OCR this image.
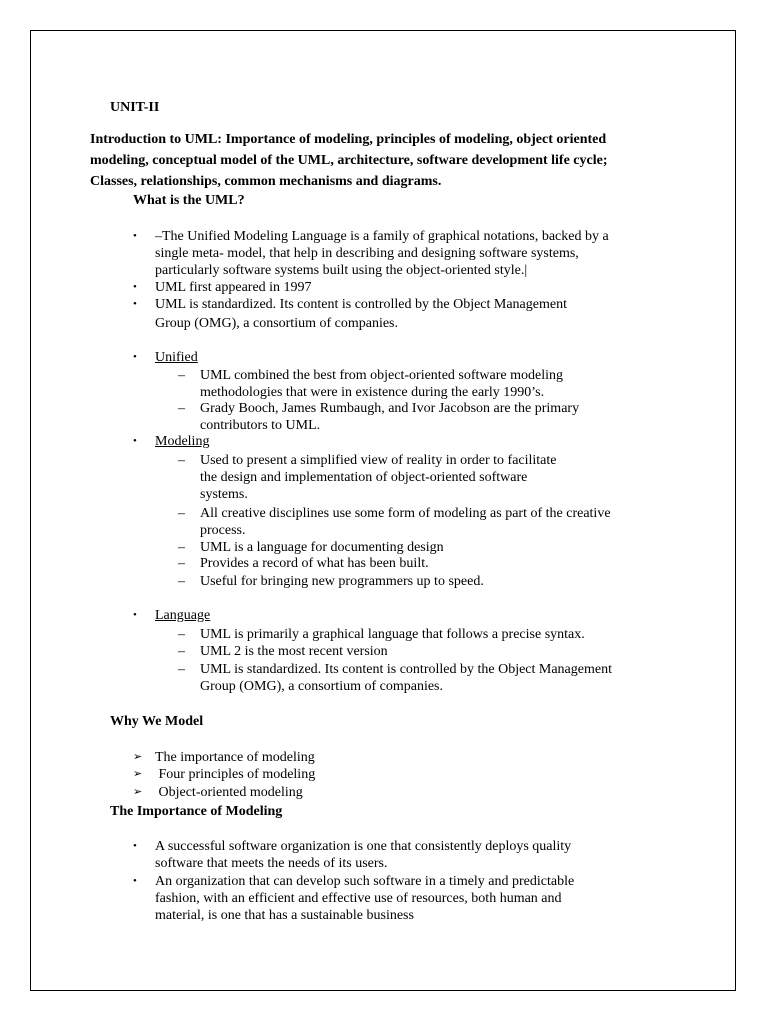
UNIT-II
Introduction to UML: Importance of modeling, principles of modeling, object oriented
modeling, conceptual model of the UML, architecture, software development life cycle;
Classes, relationships, common mechanisms and diagrams.
What is the UML?
• –The Unified Modeling Language is a family of graphical notations, backed by a
single meta- model, that help in describing and designing software systems,
particularly software systems built using the object-oriented style.|
• UML first appeared in 1997
• UML is standardized. Its content is controlled by the Object Management
Group (OMG), a consortium of companies.
• Unified
– UML combined the best from object-oriented software modeling
methodologies that were in existence during the early 1990’s.
– Grady Booch, James Rumbaugh, and Ivor Jacobson are the primary
contributors to UML.
• Modeling
– Used to present a simplified view of reality in order to facilitate
the design and implementation of object-oriented software
systems.
– All creative disciplines use some form of modeling as part of the creative
process.
– UML is a language for documenting design
– Provides a record of what has been built.
– Useful for bringing new programmers up to speed.
• Language
– UML is primarily a graphical language that follows a precise syntax.
– UML 2 is the most recent version
– UML is standardized. Its content is controlled by the Object Management
Group (OMG), a consortium of companies.
Why We Model
➢ The importance of modeling
➢ Four principles of modeling
➢ Object-oriented modeling
The Importance of Modeling
• A successful software organization is one that consistently deploys quality
software that meets the needs of its users.
• An organization that can develop such software in a timely and predictable
fashion, with an efficient and effective use of resources, both human and
material, is one that has a sustainable business
